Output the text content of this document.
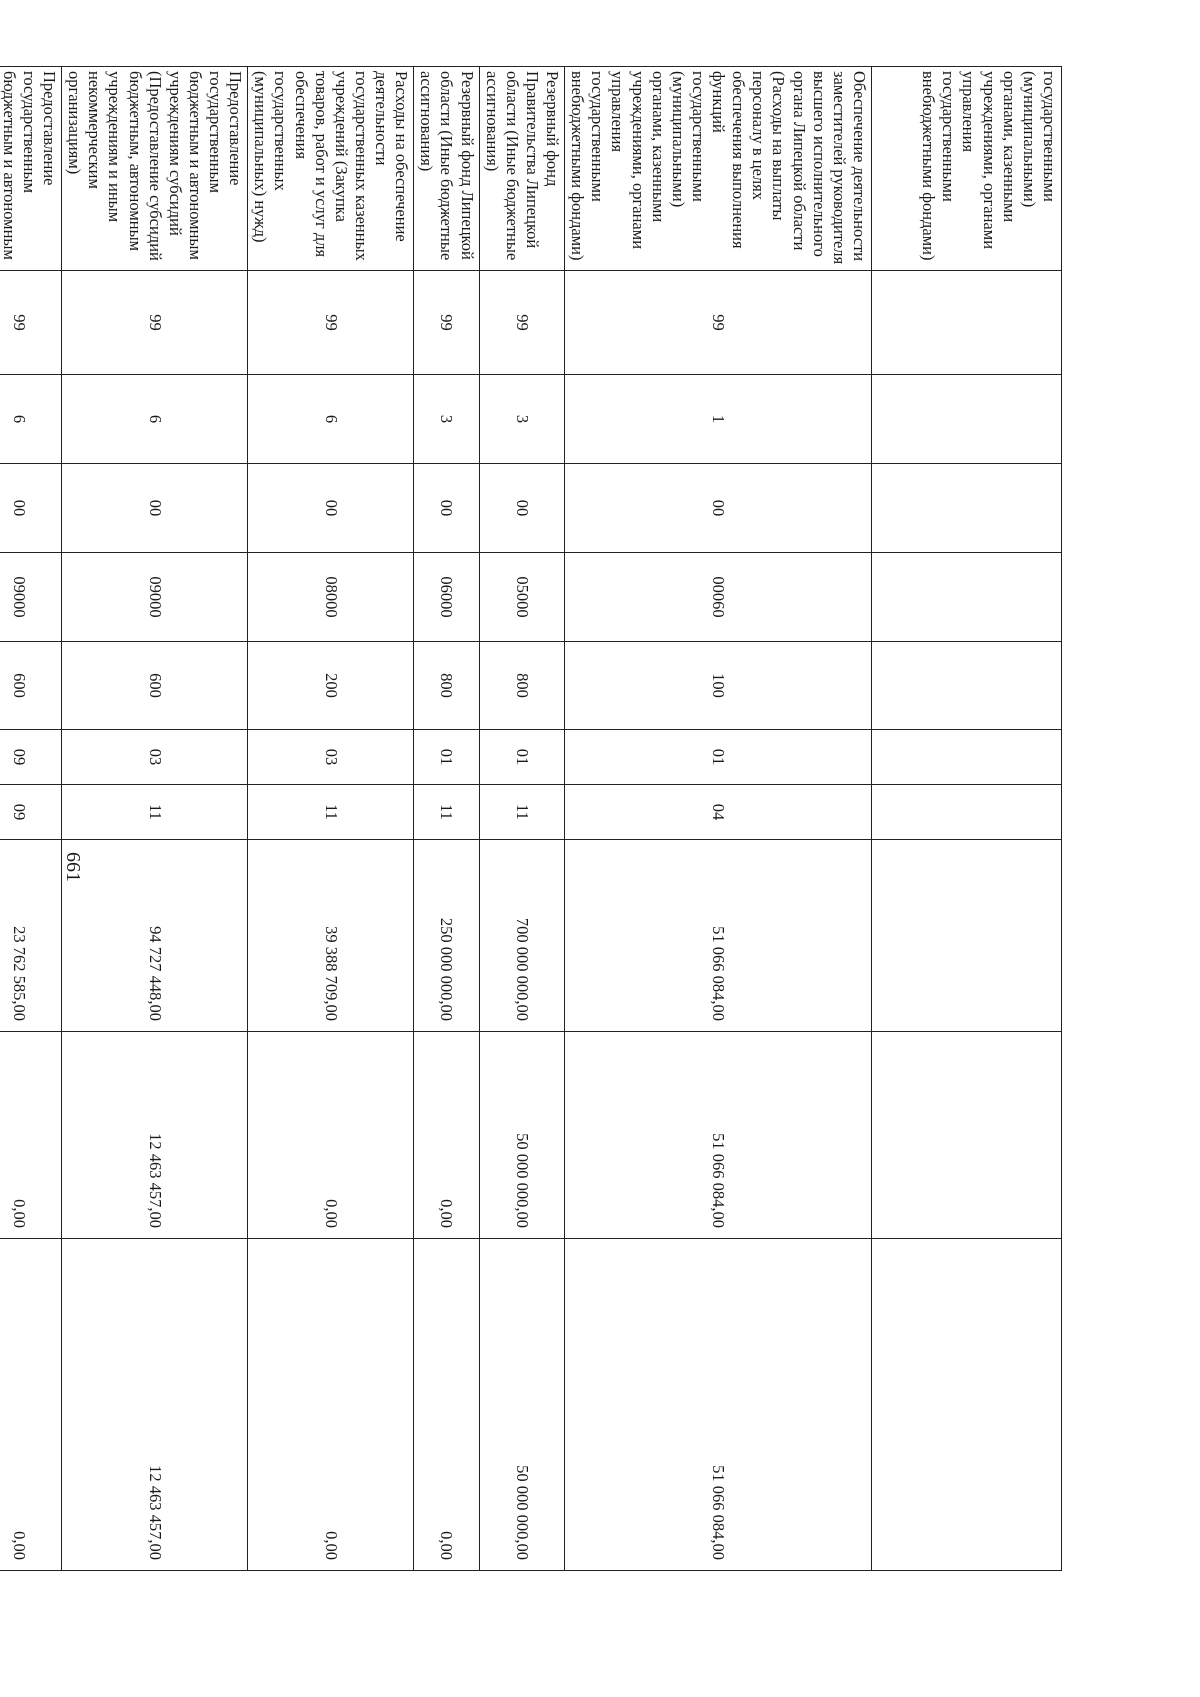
661
государственными (муниципальными) органами, казенными учреждениями, органами управления государственными внебюджетными фондами)										
Обеспечение деятельности заместителей руководителя высшего исполнительного органа Липецкой области (Расходы на выплаты персоналу в целях обеспечения выполнения функций государственными (муниципальными) органами, казенными учреждениями, органами управления государственными внебюджетными фондами)	99	1	00	00060	100	01	04	51 066 084,00	51 066 084,00	51 066 084,00
Резервный фонд Правительства Липецкой области (Иные бюджетные ассигнования)	99	3	00	05000	800	01	11	700 000 000,00	50 000 000,00	50 000 000,00
Резервный фонд Липецкой области (Иные бюджетные ассигнования)	99	3	00	06000	800	01	11	250 000 000,00	0,00	0,00
Расходы на обеспечение деятельности государственных казенных учреждений (Закупка товаров, работ и услуг для обеспечения государственных (муниципальных) нужд)	99	6	00	08000	200	03	11	39 388 709,00	0,00	0,00
Предоставление государственным бюджетным и автономным учреждениям субсидий (Предоставление субсидий бюджетным, автономным учреждениям и иным некоммерческим организациям)	99	6	00	09000	600	03	11	94 727 448,00	12 463 457,00	12 463 457,00
Предоставление государственным бюджетным и автономным	99	6	00	09000	600	09	09	23 762 585,00	0,00	0,00
